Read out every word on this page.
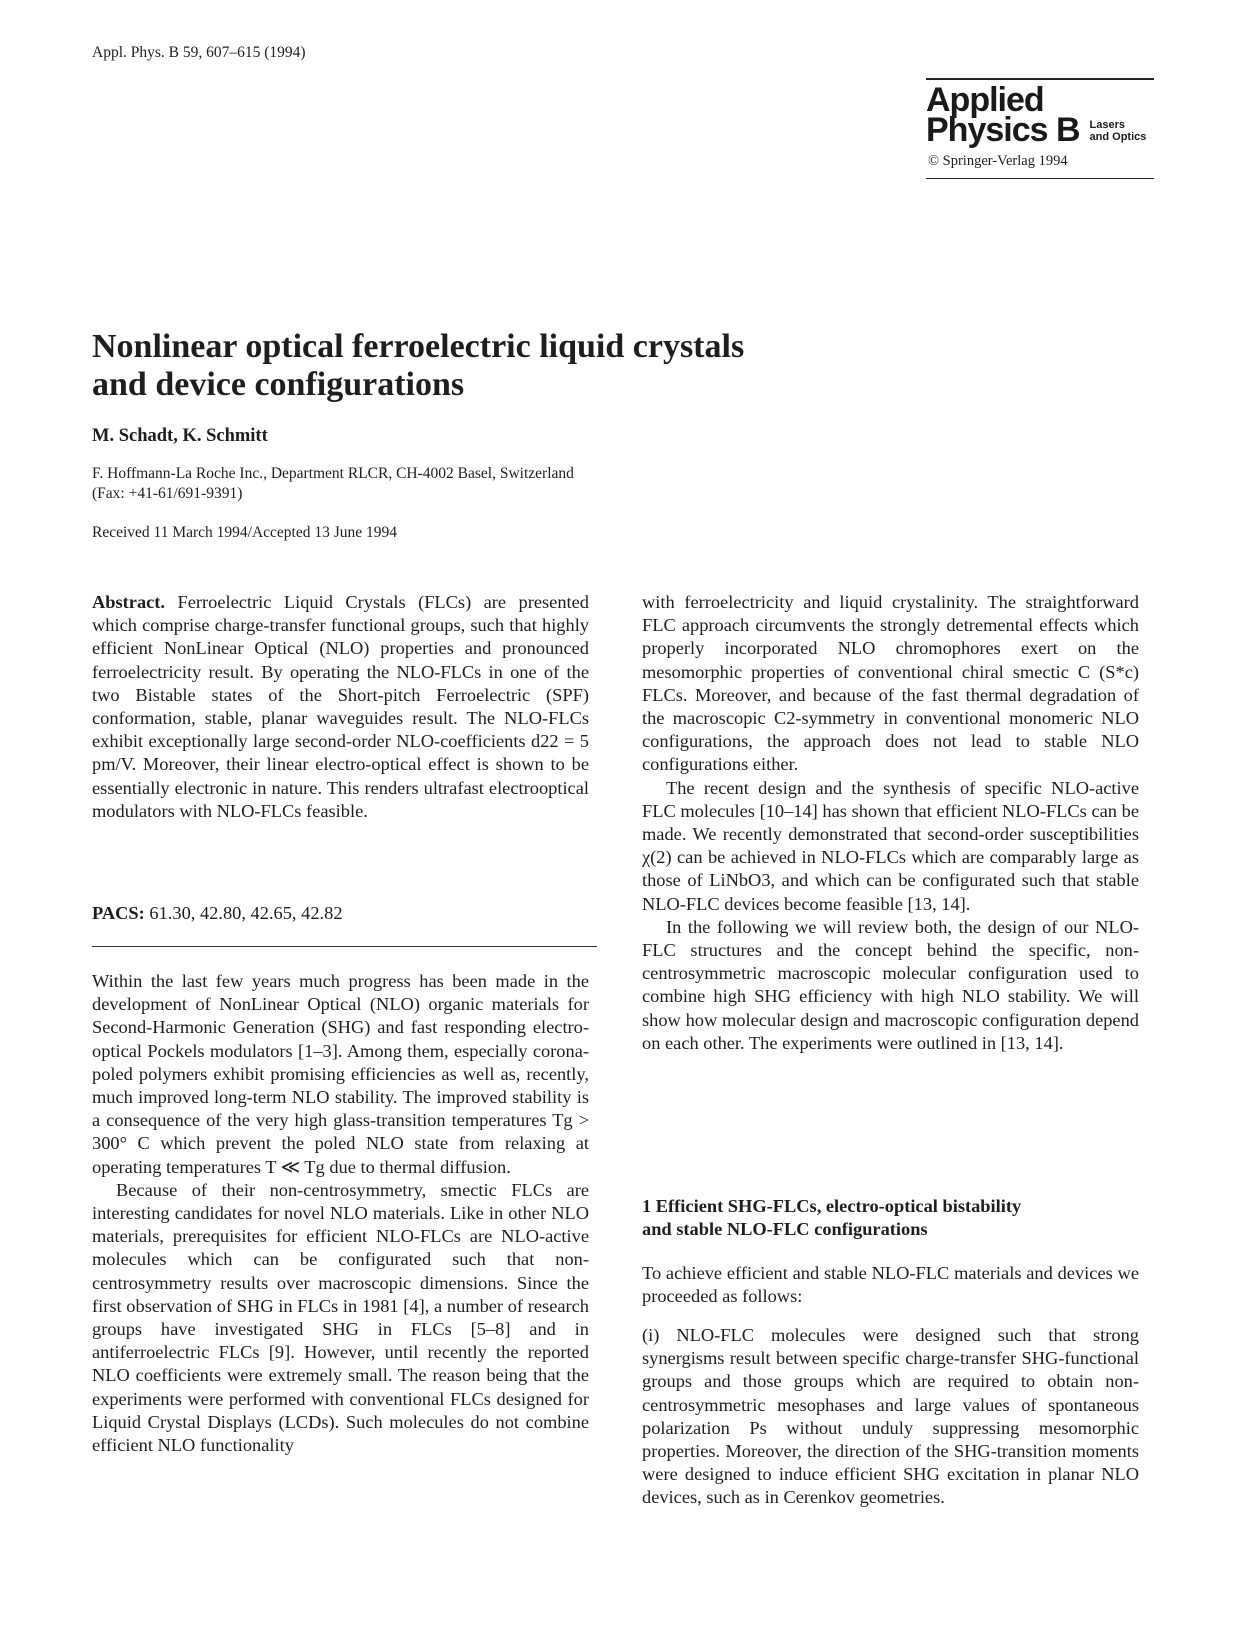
Appl. Phys. B 59, 607–615 (1994)
Applied
Physics B Lasers
and Optics
© Springer-Verlag 1994
Nonlinear optical ferroelectric liquid crystals
and device configurations
M. Schadt, K. Schmitt
F. Hoffmann-La Roche Inc., Department RLCR, CH-4002 Basel, Switzerland
(Fax: +41-61/691-9391)
Received 11 March 1994/Accepted 13 June 1994

Abstract. Ferroelectric Liquid Crystals (FLCs) are presented which comprise charge-transfer functional groups, such that highly efficient NonLinear Optical (NLO) properties and pronounced ferroelectricity result. By operating the NLO-FLCs in one of the two Bistable states of the Short-pitch Ferroelectric (SPF) conformation, stable, planar waveguides result. The NLO-FLCs exhibit exceptionally large second-order NLO-coefficients d22 = 5 pm/V. Moreover, their linear electro-optical effect is shown to be essentially electronic in nature. This renders ultrafast electrooptical modulators with NLO-FLCs feasible.

PACS: 61.30, 42.80, 42.65, 42.82

Within the last few years much progress has been made in the development of NonLinear Optical (NLO) organic materials for Second-Harmonic Generation (SHG) and fast responding electro-optical Pockels modulators [1–3]. Among them, especially corona-poled polymers exhibit promising efficiencies as well as, recently, much improved long-term NLO stability. The improved stability is a consequence of the very high glass-transition temperatures Tg > 300° C which prevent the poled NLO state from relaxing at operating temperatures T ≪ Tg due to thermal diffusion.

Because of their non-centrosymmetry, smectic FLCs are interesting candidates for novel NLO materials. Like in other NLO materials, prerequisites for efficient NLO-FLCs are NLO-active molecules which can be configurated such that non-centrosymmetry results over macroscopic dimensions. Since the first observation of SHG in FLCs in 1981 [4], a number of research groups have investigated SHG in FLCs [5–8] and in antiferroelectric FLCs [9]. However, until recently the reported NLO coefficients were extremely small. The reason being that the experiments were performed with conventional FLCs designed for Liquid Crystal Displays (LCDs). Such molecules do not combine efficient NLO functionality

with ferroelectricity and liquid crystalinity. The straightforward FLC approach circumvents the strongly detremental effects which properly incorporated NLO chromophores exert on the mesomorphic properties of conventional chiral smectic C (S*c) FLCs. Moreover, and because of the fast thermal degradation of the macroscopic C2-symmetry in conventional monomeric NLO configurations, the approach does not lead to stable NLO configurations either.

The recent design and the synthesis of specific NLO-active FLC molecules [10–14] has shown that efficient NLO-FLCs can be made. We recently demonstrated that second-order susceptibilities χ(2) can be achieved in NLO-FLCs which are comparably large as those of LiNbO3, and which can be configurated such that stable NLO-FLC devices become feasible [13, 14].

In the following we will review both, the design of our NLO-FLC structures and the concept behind the specific, non-centrosymmetric macroscopic molecular configuration used to combine high SHG efficiency with high NLO stability. We will show how molecular design and macroscopic configuration depend on each other. The experiments were outlined in [13, 14].

1 Efficient SHG-FLCs, electro-optical bistability
and stable NLO-FLC configurations

To achieve efficient and stable NLO-FLC materials and devices we proceeded as follows:

(i) NLO-FLC molecules were designed such that strong synergisms result between specific charge-transfer SHG-functional groups and those groups which are required to obtain non-centrosymmetric mesophases and large values of spontaneous polarization Ps without unduly suppressing mesomorphic properties. Moreover, the direction of the SHG-transition moments were designed to induce efficient SHG excitation in planar NLO devices, such as in Cerenkov geometries.
